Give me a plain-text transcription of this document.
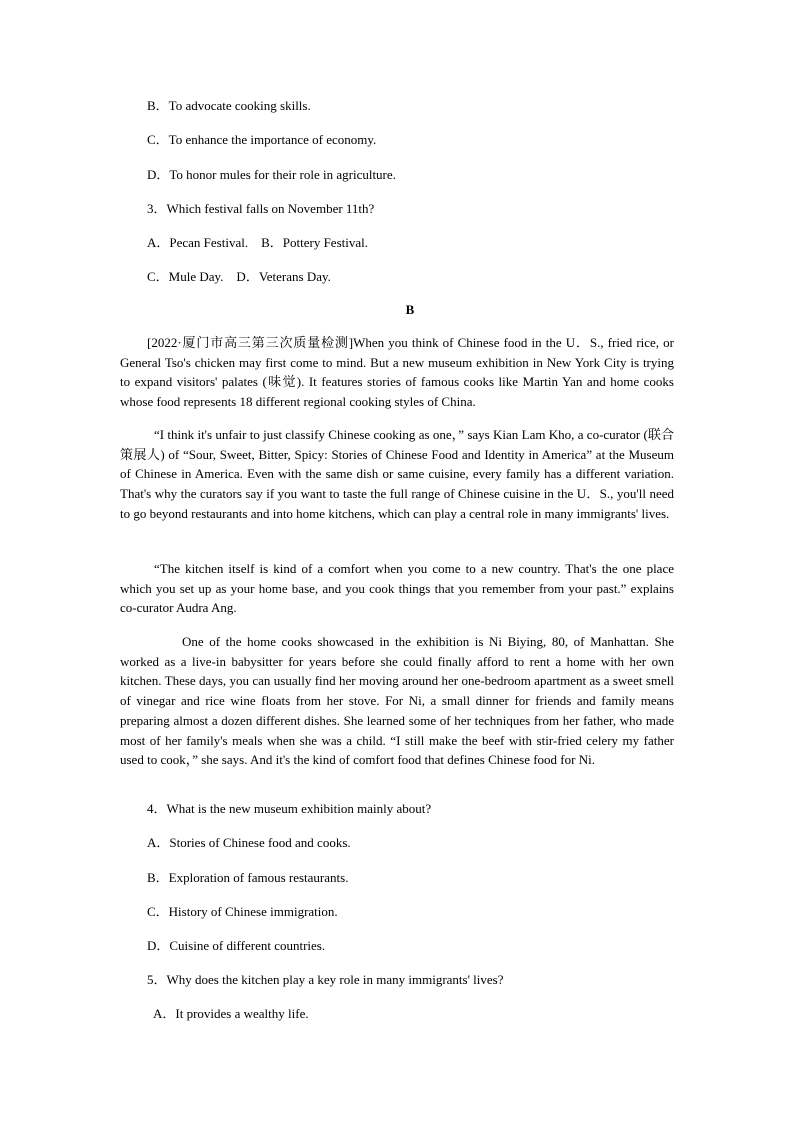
B．To advocate cooking skills.
C．To enhance the importance of economy.
D．To honor mules for their role in agriculture.
3．Which festival falls on November 11th?
A．Pecan Festival.    B．Pottery Festival.
C．Mule Day.    D．Veterans Day.
B
[2022·厦门市高三第三次质量检测]When you think of Chinese food in the U．S., fried rice, or General Tso's chicken may first come to mind. But a new museum exhibition in New York City is trying to expand visitors' palates (味觉). It features stories of famous cooks like Martin Yan and home cooks whose food represents 18 different regional cooking styles of China.
“I think it's unfair to just classify Chinese cooking as one，” says Kian Lam Kho, a co-curator (联合策展人) of “Sour, Sweet, Bitter, Spicy: Stories of Chinese Food and Identity in America” at the Museum of Chinese in America. Even with the same dish or same cuisine, every family has a different variation. That's why the curators say if you want to taste the full range of Chinese cuisine in the U．S., you'll need to go beyond restaurants and into home kitchens, which can play a central role in many immigrants' lives.
“The kitchen itself is kind of a comfort when you come to a new country. That's the one place which you set up as your home base, and you cook things that you remember from your past.” explains co-curator Audra Ang.
One of the home cooks showcased in the exhibition is Ni Biying, 80, of Manhattan. She worked as a live-in babysitter for years before she could finally afford to rent a home with her own kitchen. These days, you can usually find her moving around her one-bedroom apartment as a sweet smell of vinegar and rice wine floats from her stove. For Ni, a small dinner for friends and family means preparing almost a dozen different dishes. She learned some of her techniques from her father, who made most of her family's meals when she was a child. “I still make the beef with stir-fried celery my father used to cook，” she says. And it's the kind of comfort food that defines Chinese food for Ni.
4．What is the new museum exhibition mainly about?
A．Stories of Chinese food and cooks.
B．Exploration of famous restaurants.
C．History of Chinese immigration.
D．Cuisine of different countries.
5．Why does the kitchen play a key role in many immigrants' lives?
A．It provides a wealthy life.
